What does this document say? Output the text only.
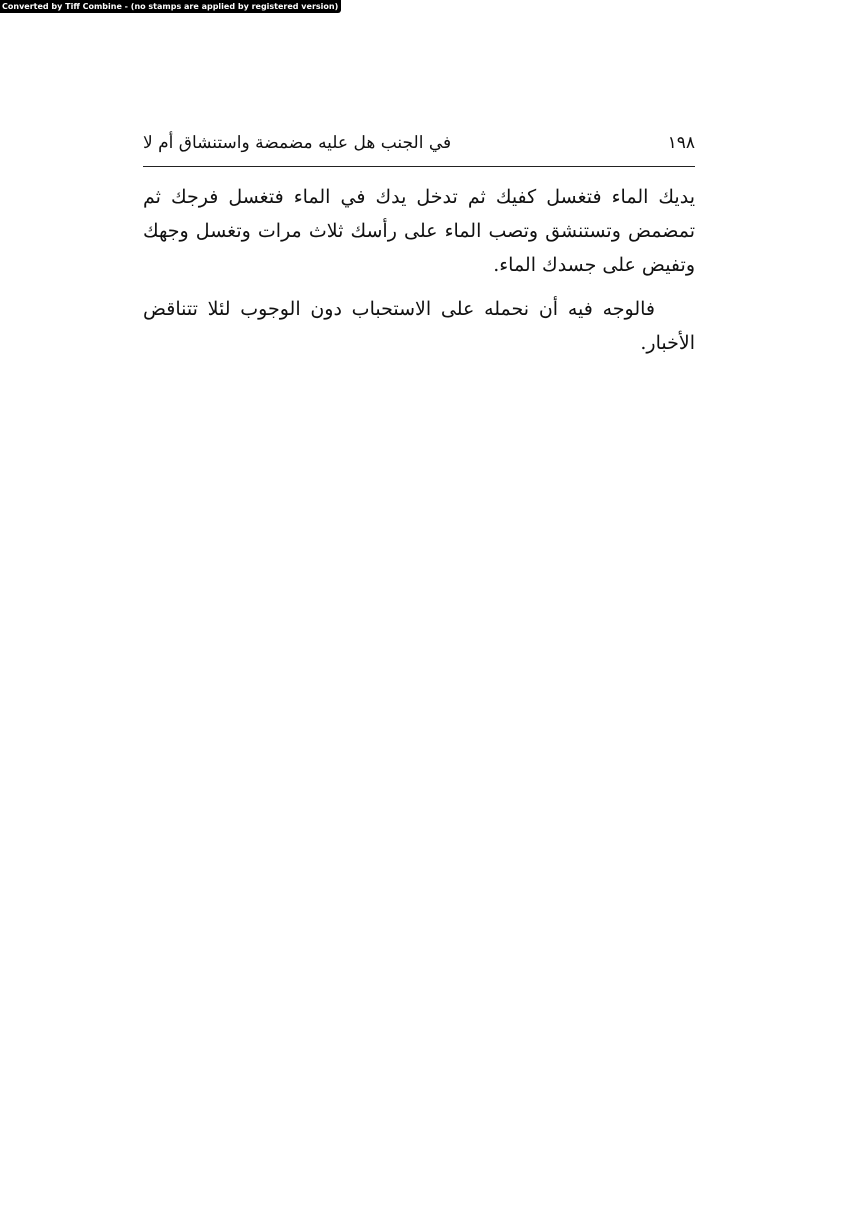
Converted by Tiff Combine - (no stamps are applied by registered version)
١٩٨
في الجنب هل عليه مضمضة واستنشاق أم لا

يديك الماء فتغسل كفيك ثم تدخل يدك في الماء فتغسل فرجك ثم تمضمض وتستنشق وتصب الماء على رأسك ثلاث مرات وتغسل وجهك وتفيض على جسدك الماء.

فالوجه فيه أن نحمله على الاستحباب دون الوجوب لئلا تتناقض الأخبار.
